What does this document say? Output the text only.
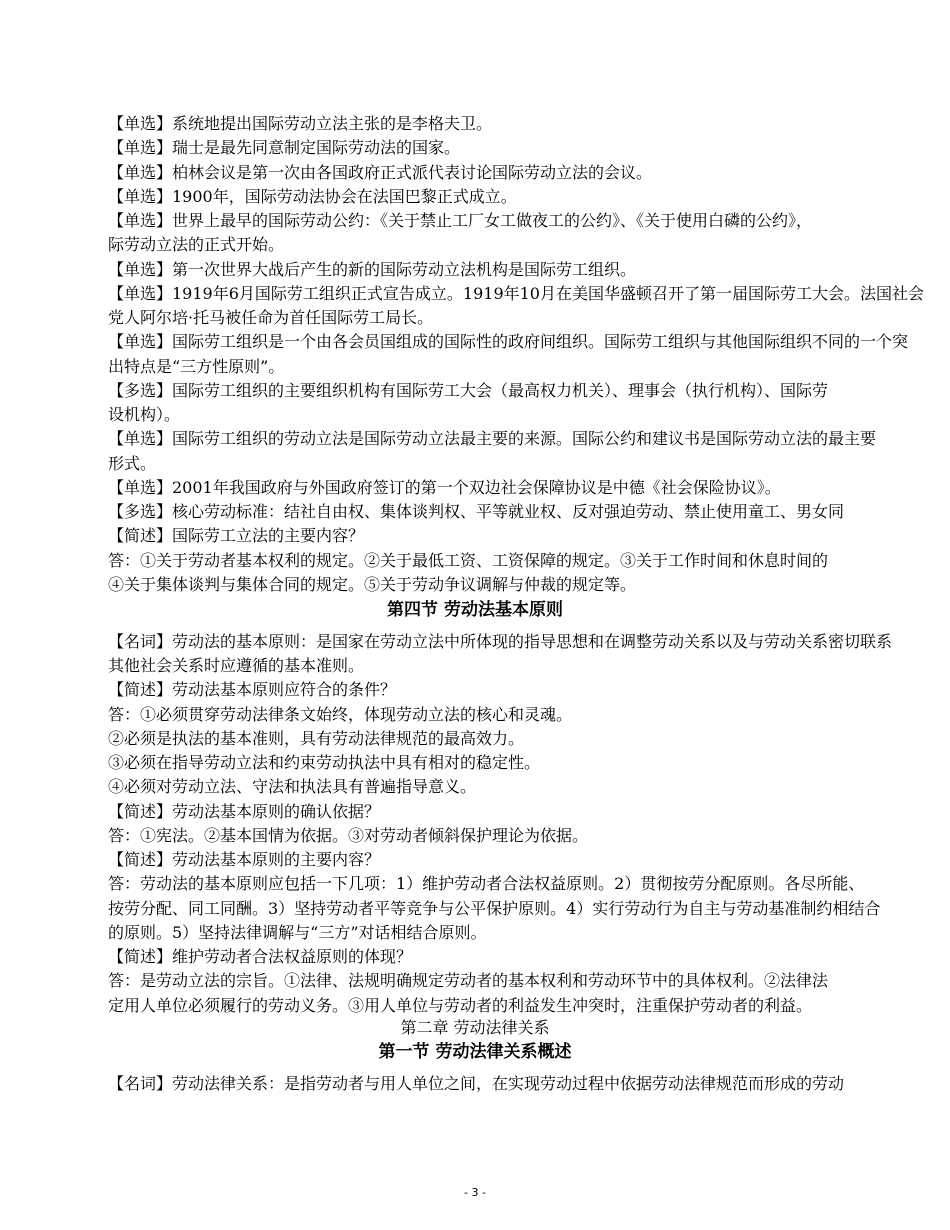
【单选】系统地提出国际劳动立法主张的是李格夫卫。
【单选】瑞士是最先同意制定国际劳动法的国家。
【单选】柏林会议是第一次由各国政府正式派代表讨论国际劳动立法的会议。
【单选】1900年，国际劳动法协会在法国巴黎正式成立。
【单选】世界上最早的国际劳动公约：《关于禁止工厂女工做夜工的公约》、《关于使用白磷的公约》，
际劳动立法的正式开始。
【单选】第一次世界大战后产生的新的国际劳动立法机构是国际劳工组织。
【单选】1919年6月国际劳工组织正式宣告成立。1919年10月在美国华盛顿召开了第一届国际劳工大会。法国社会
党人阿尔培·托马被任命为首任国际劳工局长。
【单选】国际劳工组织是一个由各会员国组成的国际性的政府间组织。国际劳工组织与其他国际组织不同的一个突
出特点是“三方性原则”。
【多选】国际劳工组织的主要组织机构有国际劳工大会（最高权力机关）、理事会（执行机构）、国际劳
设机构）。
【单选】国际劳工组织的劳动立法是国际劳动立法最主要的来源。国际公约和建议书是国际劳动立法的最主要
形式。
【单选】2001年我国政府与外国政府签订的第一个双边社会保障协议是中德《社会保险协议》。
【多选】核心劳动标准：结社自由权、集体谈判权、平等就业权、反对强迫劳动、禁止使用童工、男女同
【简述】国际劳工立法的主要内容？
答：①关于劳动者基本权利的规定。②关于最低工资、工资保障的规定。③关于工作时间和休息时间的
④关于集体谈判与集体合同的规定。⑤关于劳动争议调解与仲裁的规定等。
第四节 劳动法基本原则
【名词】劳动法的基本原则：是国家在劳动立法中所体现的指导思想和在调整劳动关系以及与劳动关系密切联系
其他社会关系时应遵循的基本准则。
【简述】劳动法基本原则应符合的条件？
答：①必须贯穿劳动法律条文始终，体现劳动立法的核心和灵魂。
②必须是执法的基本准则，具有劳动法律规范的最高效力。
③必须在指导劳动立法和约束劳动执法中具有相对的稳定性。
④必须对劳动立法、守法和执法具有普遍指导意义。
【简述】劳动法基本原则的确认依据？
答：①宪法。②基本国情为依据。③对劳动者倾斜保护理论为依据。
【简述】劳动法基本原则的主要内容？
答：劳动法的基本原则应包括一下几项：1）维护劳动者合法权益原则。2）贯彻按劳分配原则。各尽所能、
按劳分配、同工同酬。3）坚持劳动者平等竞争与公平保护原则。4）实行劳动行为自主与劳动基准制约相结合
的原则。5）坚持法律调解与“三方”对话相结合原则。
【简述】维护劳动者合法权益原则的体现？
答：是劳动立法的宗旨。①法律、法规明确规定劳动者的基本权利和劳动环节中的具体权利。②法律法
定用人单位必须履行的劳动义务。③用人单位与劳动者的利益发生冲突时，注重保护劳动者的利益。
第二章 劳动法律关系
第一节 劳动法律关系概述
【名词】劳动法律关系：是指劳动者与用人单位之间，在实现劳动过程中依据劳动法律规范而形成的劳动
- 3 -
